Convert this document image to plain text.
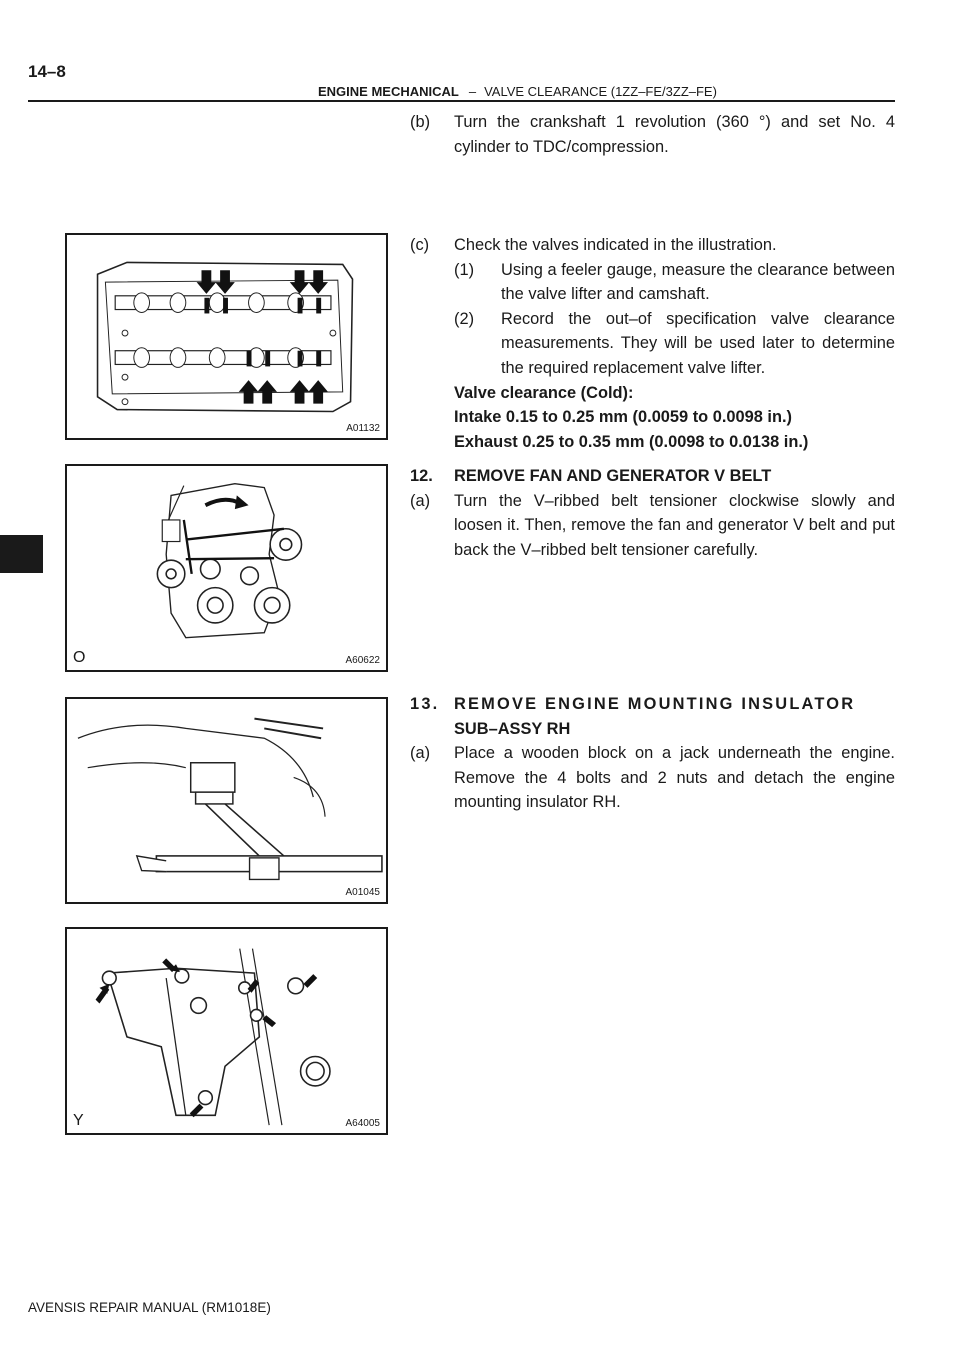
14–8
ENGINE MECHANICAL – VALVE CLEARANCE (1ZZ–FE/3ZZ–FE)
A01132
O	A60622
A01045
Y	A64005
(b)	Turn the crankshaft 1 revolution (360 °) and set No. 4 cylinder to TDC/compression.
(c)	Check the valves indicated in the illustration.
(1)	Using a feeler gauge, measure the clearance between the valve lifter and camshaft.
(2)	Record the out–of specification valve clearance measurements. They will be used later to determine the required replacement valve lifter.
Valve clearance (Cold):
Intake 0.15 to 0.25 mm (0.0059 to 0.0098 in.)
Exhaust 0.25 to 0.35 mm (0.0098 to 0.0138 in.)
12.	REMOVE FAN AND GENERATOR V BELT
(a)	Turn the V–ribbed belt tensioner clockwise slowly and loosen it. Then, remove the fan and generator V belt and put back the V–ribbed belt tensioner carefully.
13. REMOVE ENGINE MOUNTING INSULATOR
SUB–ASSY RH
(a)	Place a wooden block on a jack underneath the engine. Remove the 4 bolts and 2 nuts and detach the engine mounting insulator RH.
AVENSIS REPAIR MANUAL (RM1018E)
